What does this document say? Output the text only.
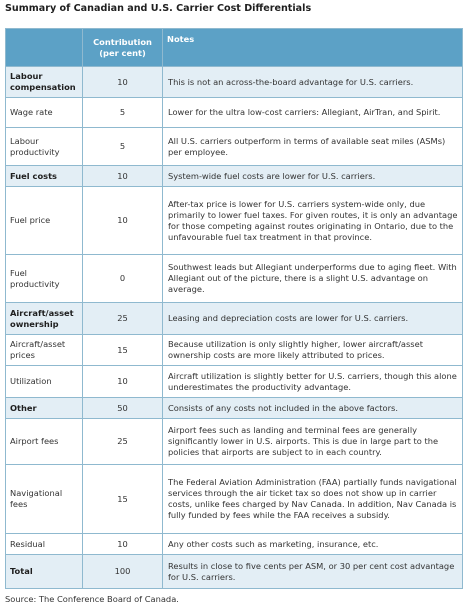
Summary of Canadian and U.S. Carrier Cost Differentials
	Contribution (per cent)	Notes
Labour compensation	10	This is not an across-the-board advantage for U.S. carriers.
Wage rate	5	Lower for the ultra low-cost carriers: Allegiant, AirTran, and Spirit.
Labour productivity	5	All U.S. carriers outperform in terms of available seat miles (ASMs) per employee.
Fuel costs	10	System-wide fuel costs are lower for U.S. carriers.
Fuel price	10	After-tax price is lower for U.S. carriers system-wide only, due primarily to lower fuel taxes. For given routes, it is only an advantage for those competing against routes originating in Ontario, due to the unfavourable fuel tax treatment in that province.
Fuel productivity	0	Southwest leads but Allegiant underperforms due to aging fleet. With Allegiant out of the picture, there is a slight U.S. advantage on average.
Aircraft/asset ownership	25	Leasing and depreciation costs are lower for U.S. carriers.
Aircraft/asset prices	15	Because utilization is only slightly higher, lower aircraft/asset ownership costs are more likely attributed to prices.
Utilization	10	Aircraft utilization is slightly better for U.S. carriers, though this alone underestimates the productivity advantage.
Other	50	Consists of any costs not included in the above factors.
Airport fees	25	Airport fees such as landing and terminal fees are generally significantly lower in U.S. airports. This is due in large part to the policies that airports are subject to in each country.
Navigational fees	15	The Federal Aviation Administration (FAA) partially funds navigational services through the air ticket tax so does not show up in carrier costs, unlike fees charged by Nav Canada. In addition, Nav Canada is fully funded by fees while the FAA receives a subsidy.
Residual	10	Any other costs such as marketing, insurance, etc.
Total	100	Results in close to five cents per ASM, or 30 per cent cost advantage for U.S. carriers.
Source: The Conference Board of Canada.
